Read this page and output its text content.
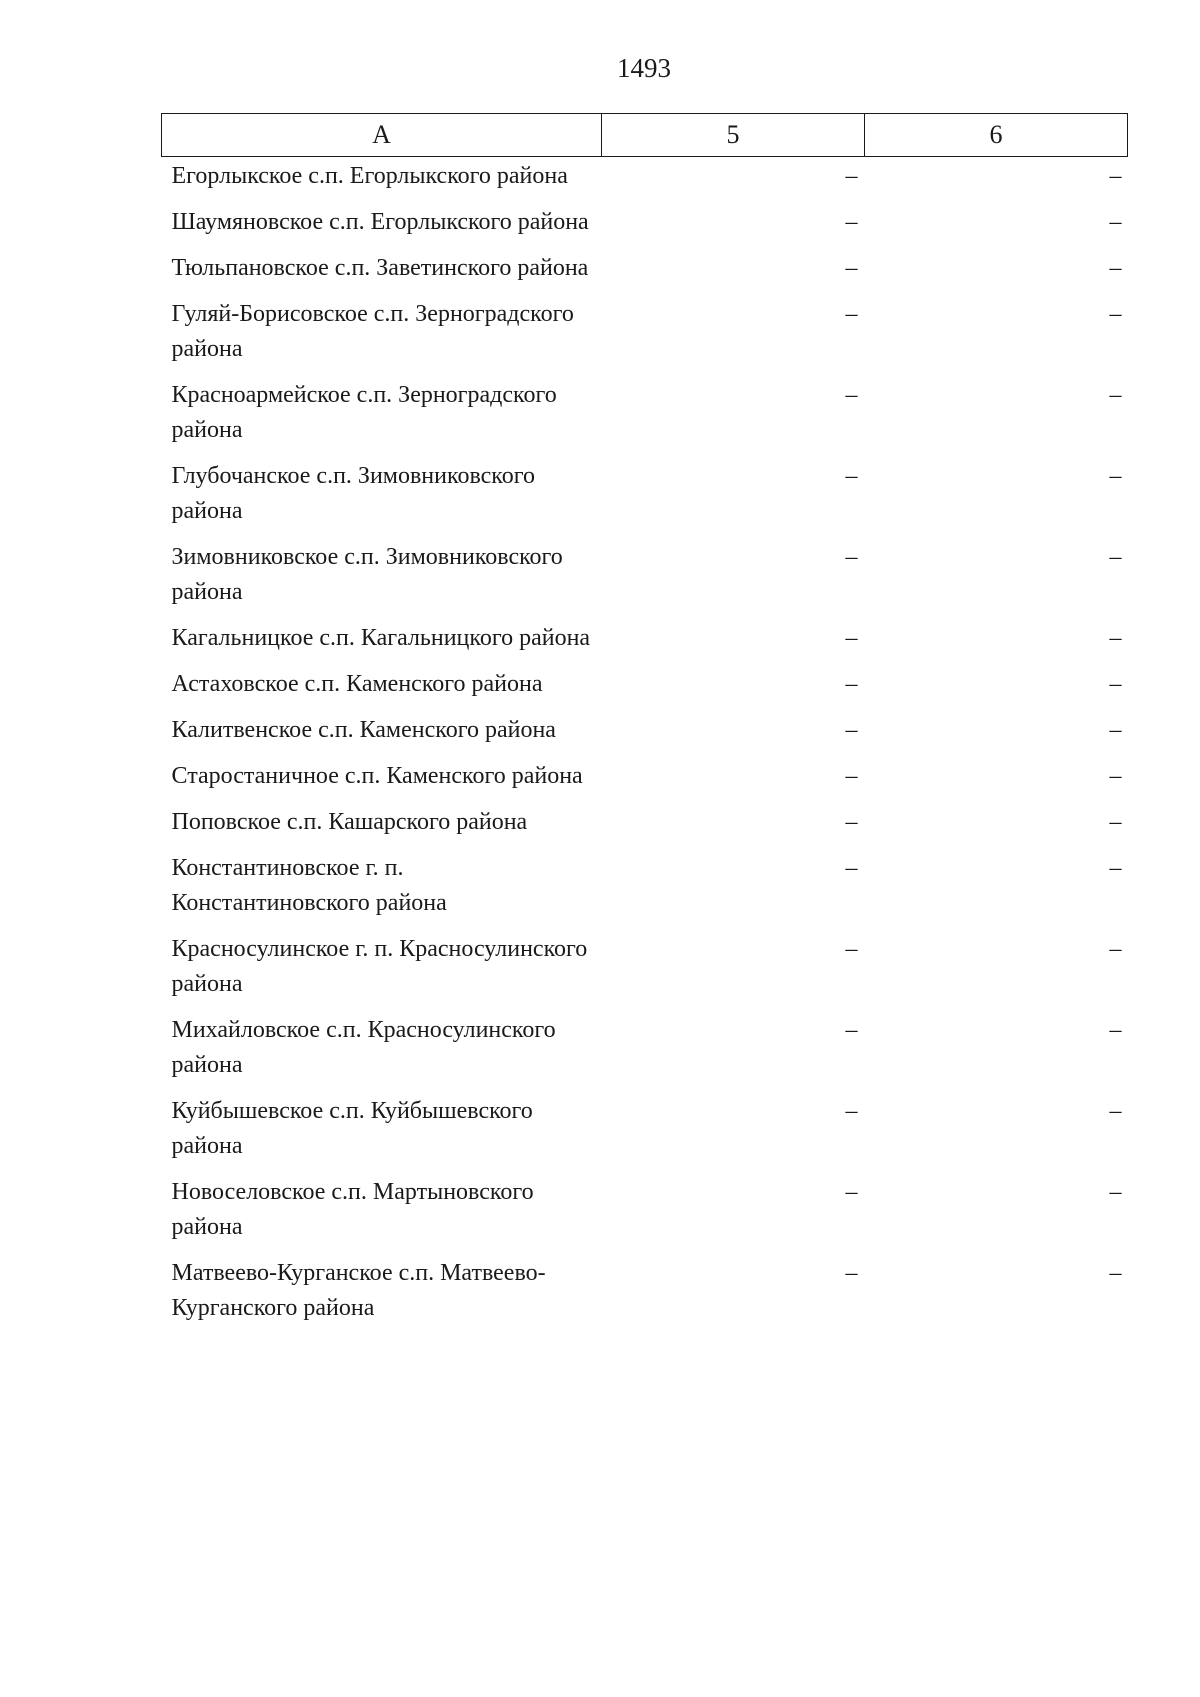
1493
А	5	6
Егорлыкское с.п. Егорлыкского района	–	–
Шаумяновское с.п. Егорлыкского района	–	–
Тюльпановское с.п. Заветинского района	–	–
Гуляй-Борисовское с.п. Зерноградского района	–	–
Красноармейское с.п. Зерноградского района	–	–
Глубочанское с.п. Зимовниковского района	–	–
Зимовниковское с.п. Зимовниковского района	–	–
Кагальницкое с.п. Кагальницкого района	–	–
Астаховское с.п. Каменского района	–	–
Калитвенское с.п. Каменского района	–	–
Старостаничное с.п. Каменского района	–	–
Поповское с.п. Кашарского района	–	–
Константиновское г. п. Константиновского района	–	–
Красносулинское г. п. Красносулинского района	–	–
Михайловское с.п. Красносулинского района	–	–
Куйбышевское с.п. Куйбышевского района	–	–
Новоселовское с.п. Мартыновского района	–	–
Матвеево-Курганское с.п. Матвеево-Курганского района	–	–
